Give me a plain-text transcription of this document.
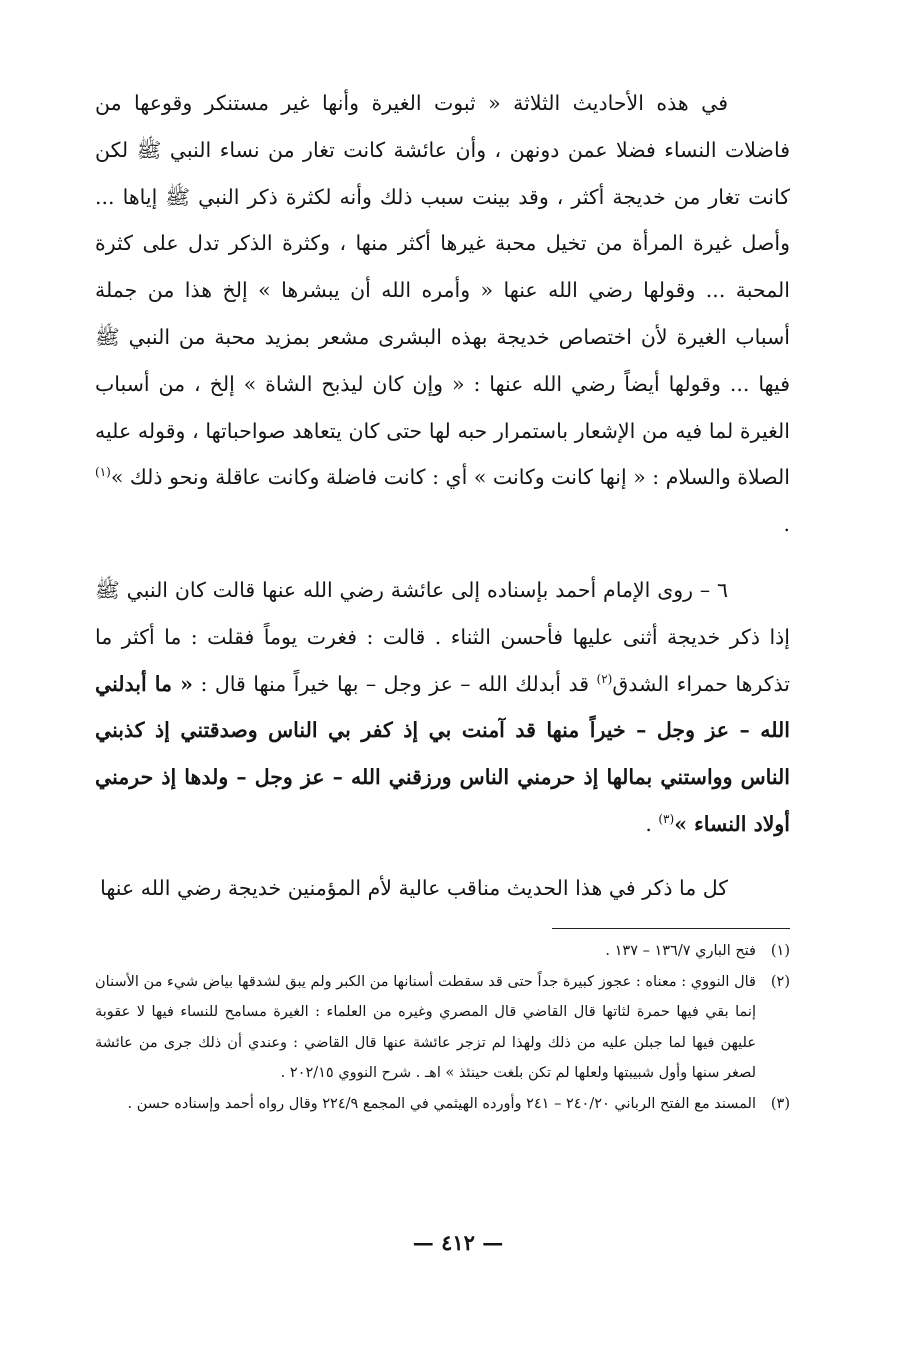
في هذه الأحاديث الثلاثة « ثبوت الغيرة وأنها غير مستنكر وقوعها من فاضلات النساء فضلا عمن دونهن ، وأن عائشة كانت تغار من نساء النبي ﷺ لكن كانت تغار من خديجة أكثر ، وقد بينت سبب ذلك وأنه لكثرة ذكر النبي ﷺ إياها ... وأصل غيرة المرأة من تخيل محبة غيرها أكثر منها ، وكثرة الذكر تدل على كثرة المحبة ... وقولها رضي الله عنها « وأمره الله أن يبشرها » إلخ هذا من جملة أسباب الغيرة لأن اختصاص خديجة بهذه البشرى مشعر بمزيد محبة من النبي ﷺ فيها ... وقولها أيضاً رضي الله عنها : « وإن كان ليذبح الشاة » إلخ ، من أسباب الغيرة لما فيه من الإشعار باستمرار حبه لها حتى كان يتعاهد صواحباتها ، وقوله عليه الصلاة والسلام : « إنها كانت وكانت » أي : كانت فاضلة وكانت عاقلة ونحو ذلك »$^{(١)}$ .

٦ – روى الإمام أحمد بإسناده إلى عائشة رضي الله عنها قالت كان النبي ﷺ إذا ذكر خديجة أثنى عليها فأحسن الثناء . قالت : فغرت يوماً فقلت : ما أكثر ما تذكرها حمراء الشدق$^{(٢)}$ قد أبدلك الله – عز وجل – بها خيراً منها قال : « ما أبدلني الله – عز وجل – خيراً منها قد آمنت بي إذ كفر بي الناس وصدقتني إذ كذبني الناس وواستني بمالها إذ حرمني الناس ورزقني الله – عز وجل – ولدها إذ حرمني أولاد النساء »$^{(٣)}$ .

كل ما ذكر في هذا الحديث مناقب عالية لأم المؤمنين خديجة رضي الله عنها

(١)
فتح الباري ١٣٦/٧ – ١٣٧ .
(٢)
قال النووي : معناه : عجوز كبيرة جداً حتى قد سقطت أسنانها من الكبر ولم يبق لشدقها بياض شيء من الأسنان إنما بقي فيها حمرة لثاتها قال القاضي قال المصري وغيره من العلماء : الغيرة مسامح للنساء فيها لا عقوبة عليهن فيها لما جبلن عليه من ذلك ولهذا لم تزجر عائشة عنها قال القاضي : وعندي أن ذلك جرى من عائشة لصغر سنها وأول شبيبتها ولعلها لم تكن بلغت حينئذ » اهـ . شرح النووي ٢٠٢/١٥ .
(٣)
المسند مع الفتح الرباني ٢٤٠/٢٠ – ٢٤١ وأورده الهيثمي في المجمع ٢٢٤/٩ وقال رواه أحمد وإسناده حسن .
— ٤١٢ —
